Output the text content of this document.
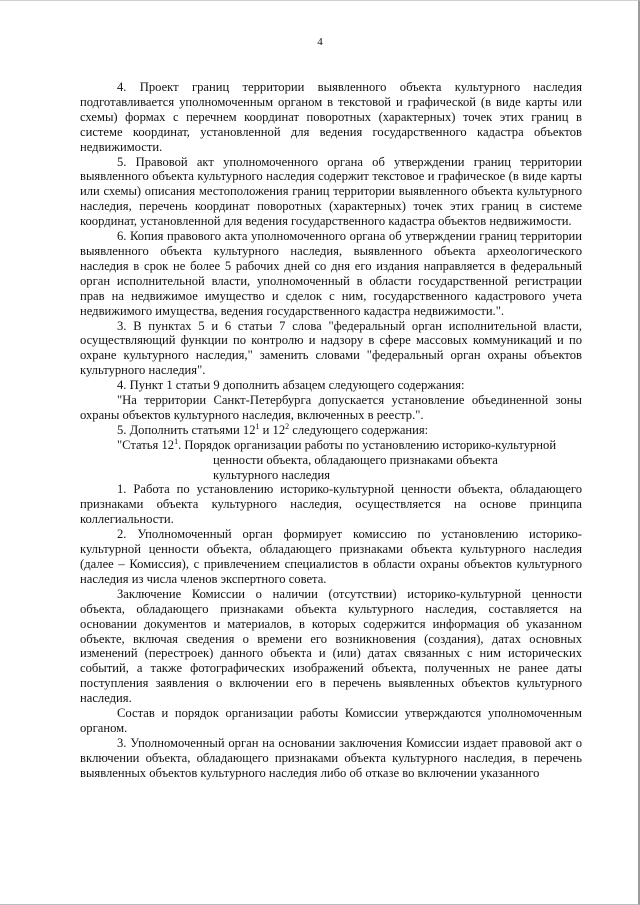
4

4. Проект границ территории выявленного объекта культурного наследия подготавливается уполномоченным органом в текстовой и графической (в виде карты или схемы) формах с перечнем координат поворотных (характерных) точек этих границ в системе координат, установленной для ведения государственного кадастра объектов недвижимости.

5. Правовой акт уполномоченного органа об утверждении границ территории выявленного объекта культурного наследия содержит текстовое и графическое (в виде карты или схемы) описания местоположения границ территории выявленного объекта культурного наследия, перечень координат поворотных (характерных) точек этих границ в системе координат, установленной для ведения государственного кадастра объектов недвижимости.

6. Копия правового акта уполномоченного органа об утверждении границ территории выявленного объекта культурного наследия, выявленного объекта археологического наследия в срок не более 5 рабочих дней со дня его издания направляется в федеральный орган исполнительной власти, уполномоченный в области государственной регистрации прав на недвижимое имущество и сделок с ним, государственного кадастрового учета недвижимого имущества, ведения государственного кадастра недвижимости.".

3. В пунктах 5 и 6 статьи 7 слова "федеральный орган исполнительной власти, осуществляющий функции по контролю и надзору в сфере массовых коммуникаций и по охране культурного наследия," заменить словами "федеральный орган охраны объектов культурного наследия".

4. Пункт 1 статьи 9 дополнить абзацем следующего содержания:

"На территории Санкт-Петербурга допускается установление объединенной зоны охраны объектов культурного наследия, включенных в реестр.".

5. Дополнить статьями $12^1$ и $12^2$ следующего содержания:

"Статья $12^1$. Порядок организации работы по установлению историко-культурной
ценности объекта, обладающего признаками объекта
культурного наследия

1. Работа по установлению историко-культурной ценности объекта, обладающего признаками объекта культурного наследия, осуществляется на основе принципа коллегиальности.

2. Уполномоченный орган формирует комиссию по установлению историко-культурной ценности объекта, обладающего признаками объекта культурного наследия (далее – Комиссия), с привлечением специалистов в области охраны объектов культурного наследия из числа членов экспертного совета.

Заключение Комиссии о наличии (отсутствии) историко-культурной ценности объекта, обладающего признаками объекта культурного наследия, составляется на основании документов и материалов, в которых содержится информация об указанном объекте, включая сведения о времени его возникновения (создания), датах основных изменений (перестроек) данного объекта и (или) датах связанных с ним исторических событий, а также фотографических изображений объекта, полученных не ранее даты поступления заявления о включении его в перечень выявленных объектов культурного наследия.

Состав и порядок организации работы Комиссии утверждаются уполномоченным органом.

3. Уполномоченный орган на основании заключения Комиссии издает правовой акт о включении объекта, обладающего признаками объекта культурного наследия, в перечень выявленных объектов культурного наследия либо об отказе во включении указанного
